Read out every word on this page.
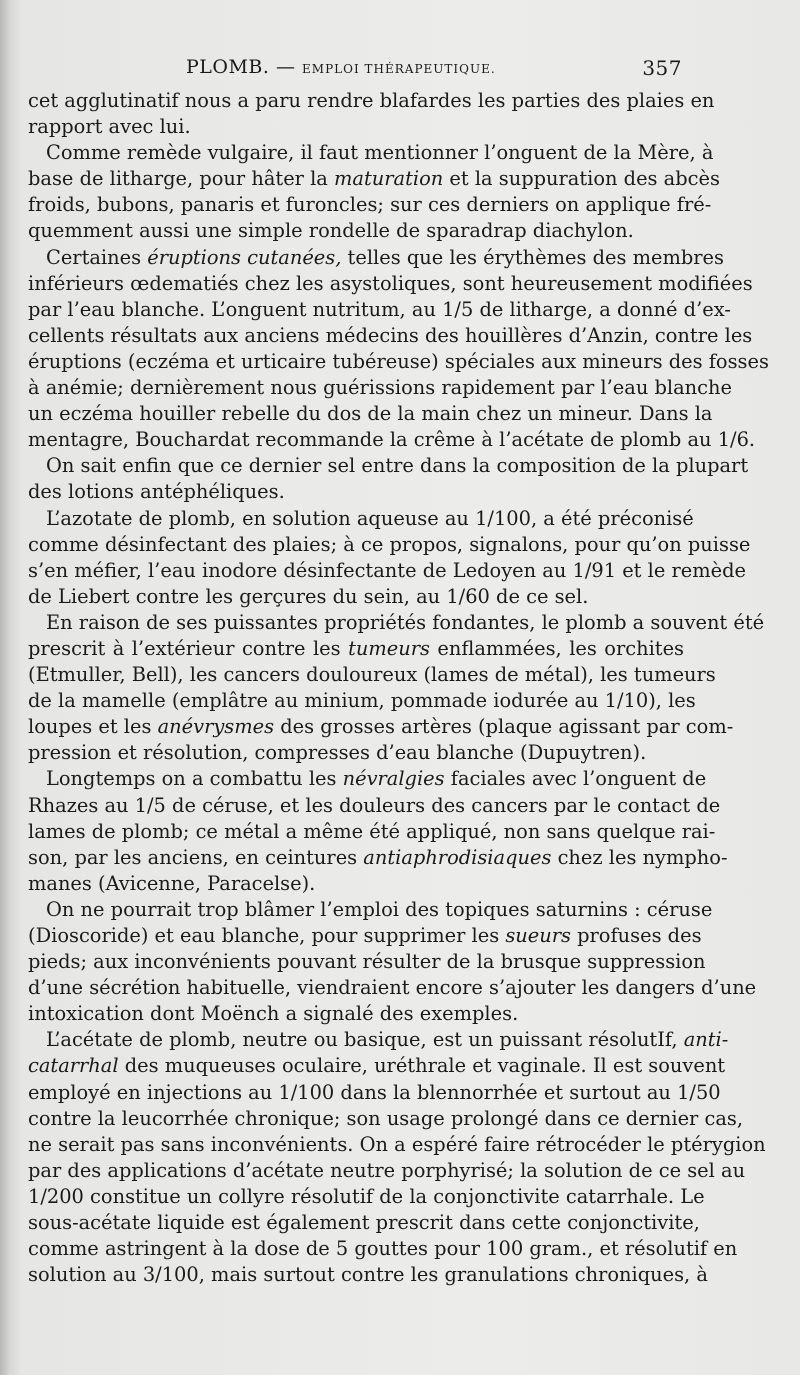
PLOMB. — EMPLOI THÉRAPEUTIQUE.	357
cet agglutinatif nous a paru rendre blafardes les parties des plaies en
rapport avec lui.
Comme remède vulgaire, il faut mentionner l’onguent de la Mère, à
base de litharge, pour hâter la maturation et la suppuration des abcès
froids, bubons, panaris et furoncles; sur ces derniers on applique fré-
quemment aussi une simple rondelle de sparadrap diachylon.
Certaines éruptions cutanées, telles que les érythèmes des membres
inférieurs œdematiés chez les asystoliques, sont heureusement modifiées
par l’eau blanche. L’onguent nutritum, au 1/5 de litharge, a donné d’ex-
cellents résultats aux anciens médecins des houillères d’Anzin, contre les
éruptions (eczéma et urticaire tubéreuse) spéciales aux mineurs des fosses
à anémie; dernièrement nous guérissions rapidement par l’eau blanche
un eczéma houiller rebelle du dos de la main chez un mineur. Dans la
mentagre, Bouchardat recommande la crême à l’acétate de plomb au 1/6.
On sait enfin que ce dernier sel entre dans la composition de la plupart
des lotions antéphéliques.
L’azotate de plomb, en solution aqueuse au 1/100, a été préconisé
comme désinfectant des plaies; à ce propos, signalons, pour qu’on puisse
s’en méfier, l’eau inodore désinfectante de Ledoyen au 1/91 et le remède
de Liebert contre les gerçures du sein, au 1/60 de ce sel.
En raison de ses puissantes propriétés fondantes, le plomb a souvent été
prescrit à l’extérieur contre les tumeurs enflammées, les orchites
(Etmuller, Bell), les cancers douloureux (lames de métal), les tumeurs
de la mamelle (emplâtre au minium, pommade iodurée au 1/10), les
loupes et les anévrysmes des grosses artères (plaque agissant par com-
pression et résolution, compresses d’eau blanche (Dupuytren).
Longtemps on a combattu les névralgies faciales avec l’onguent de
Rhazes au 1/5 de céruse, et les douleurs des cancers par le contact de
lames de plomb; ce métal a même été appliqué, non sans quelque rai-
son, par les anciens, en ceintures antiaphrodisiaques chez les nympho-
manes (Avicenne, Paracelse).
On ne pourrait trop blâmer l’emploi des topiques saturnins : céruse
(Dioscoride) et eau blanche, pour supprimer les sueurs profuses des
pieds; aux inconvénients pouvant résulter de la brusque suppression
d’une sécrétion habituelle, viendraient encore s’ajouter les dangers d’une
intoxication dont Moënch a signalé des exemples.
L’acétate de plomb, neutre ou basique, est un puissant résolutIf, anti-
catarrhal des muqueuses oculaire, uréthrale et vaginale. Il est souvent
employé en injections au 1/100 dans la blennorrhée et surtout au 1/50
contre la leucorrhée chronique; son usage prolongé dans ce dernier cas,
ne serait pas sans inconvénients. On a espéré faire rétrocéder le ptérygion
par des applications d’acétate neutre porphyrisé; la solution de ce sel au
1/200 constitue un collyre résolutif de la conjonctivite catarrhale. Le
sous-acétate liquide est également prescrit dans cette conjonctivite,
comme astringent à la dose de 5 gouttes pour 100 gram., et résolutif en
solution au 3/100, mais surtout contre les granulations chroniques, à
